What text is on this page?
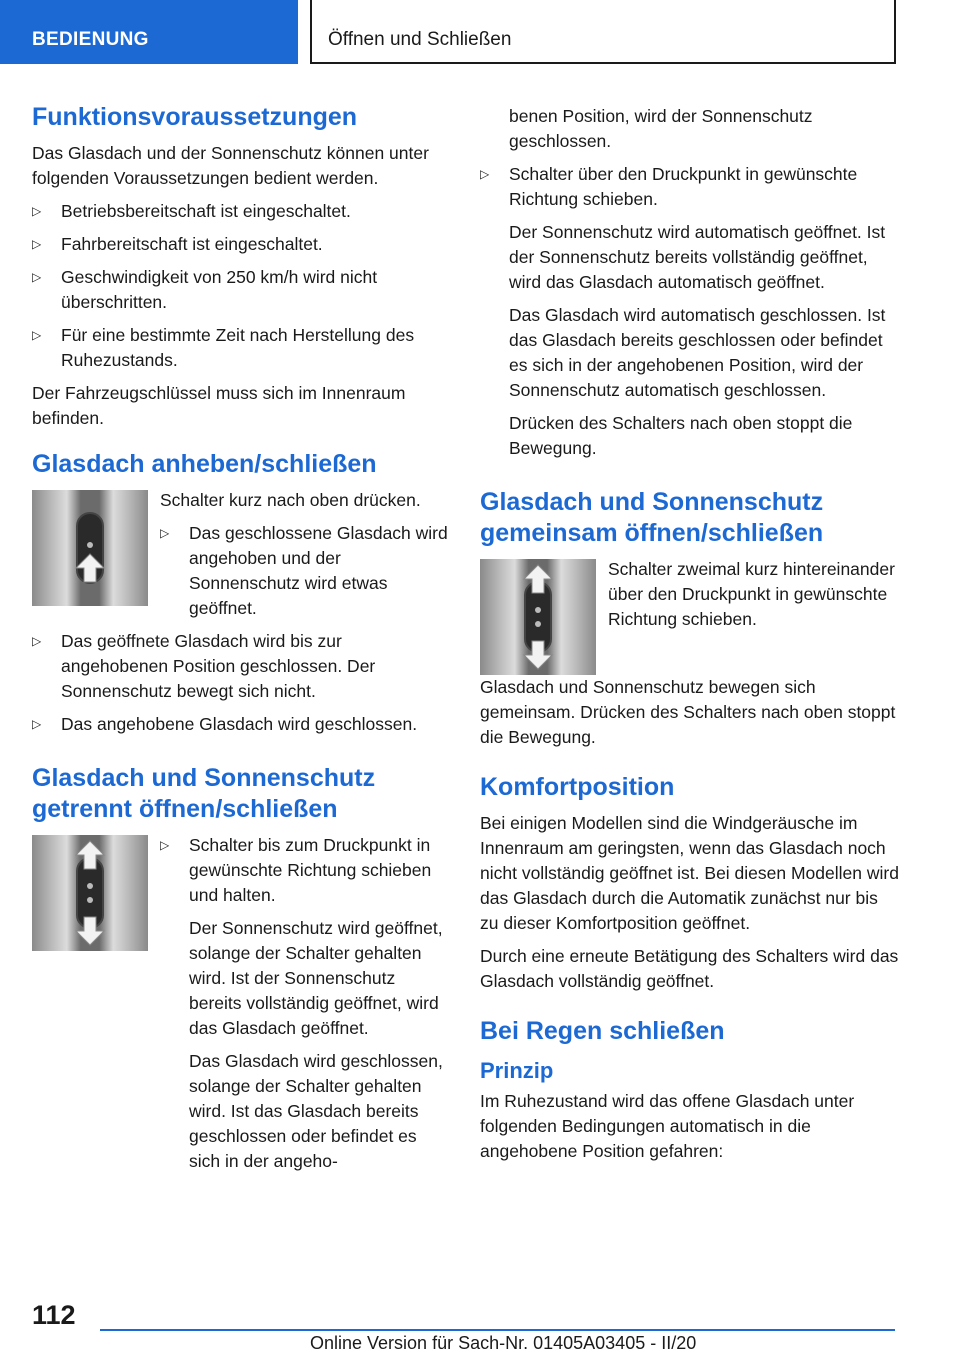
BEDIENUNG	Öffnen und Schließen
Funktionsvoraussetzungen

Das Glasdach und der Sonnenschutz können unter folgenden Voraussetzungen bedient werden.

▷ Betriebsbereitschaft ist eingeschaltet.
▷ Fahrbereitschaft ist eingeschaltet.
▷ Geschwindigkeit von 250 km/h wird nicht überschritten.
▷ Für eine bestimmte Zeit nach Herstellung des Ruhezustands.

Der Fahrzeugschlüssel muss sich im Innenraum befinden.

Glasdach anheben/schließen

Schalter kurz nach oben drücken.

▷ Das geschlossene Glasdach wird angehoben und der Sonnenschutz wird etwas geöffnet.
▷ Das geöffnete Glasdach wird bis zur angehobenen Position geschlossen. Der Sonnenschutz bewegt sich nicht.
▷ Das angehobene Glasdach wird geschlossen.
Glasdach und Sonnenschutz getrennt öffnen/schließen
▷ Schalter bis zum Druckpunkt in gewünschte Richtung schieben und halten.

Der Sonnenschutz wird geöffnet, solange der Schalter gehalten wird. Ist der Sonnenschutz bereits vollständig geöffnet, wird das Glasdach geöffnet.

Das Glasdach wird geschlossen, solange der Schalter gehalten wird. Ist das Glasdach bereits geschlossen oder befindet es sich in der angeho-

benen Position, wird der Sonnenschutz geschlossen.

▷ Schalter über den Druckpunkt in gewünschte Richtung schieben.

Der Sonnenschutz wird automatisch geöffnet. Ist der Sonnenschutz bereits vollständig geöffnet, wird das Glasdach automatisch geöffnet.

Das Glasdach wird automatisch geschlossen. Ist das Glasdach bereits geschlossen oder befindet es sich in der angehobenen Position, wird der Sonnenschutz automatisch geschlossen.

Drücken des Schalters nach oben stoppt die Bewegung.

Glasdach und Sonnenschutz gemeinsam öffnen/schließen

Schalter zweimal kurz hintereinander über den Druckpunkt in gewünschte Richtung schieben.

Glasdach und Sonnenschutz bewegen sich gemeinsam. Drücken des Schalters nach oben stoppt die Bewegung.

Komfortposition

Bei einigen Modellen sind die Windgeräusche im Innenraum am geringsten, wenn das Glasdach noch nicht vollständig geöffnet ist. Bei diesen Modellen wird das Glasdach durch die Automatik zunächst nur bis zu dieser Komfortposition geöffnet.

Durch eine erneute Betätigung des Schalters wird das Glasdach vollständig geöffnet.

Bei Regen schließen
Prinzip

Im Ruhezustand wird das offene Glasdach unter folgenden Bedingungen automatisch in die angehobene Position gefahren:

112
Online Version für Sach-Nr. 01405A03405 - II/20
